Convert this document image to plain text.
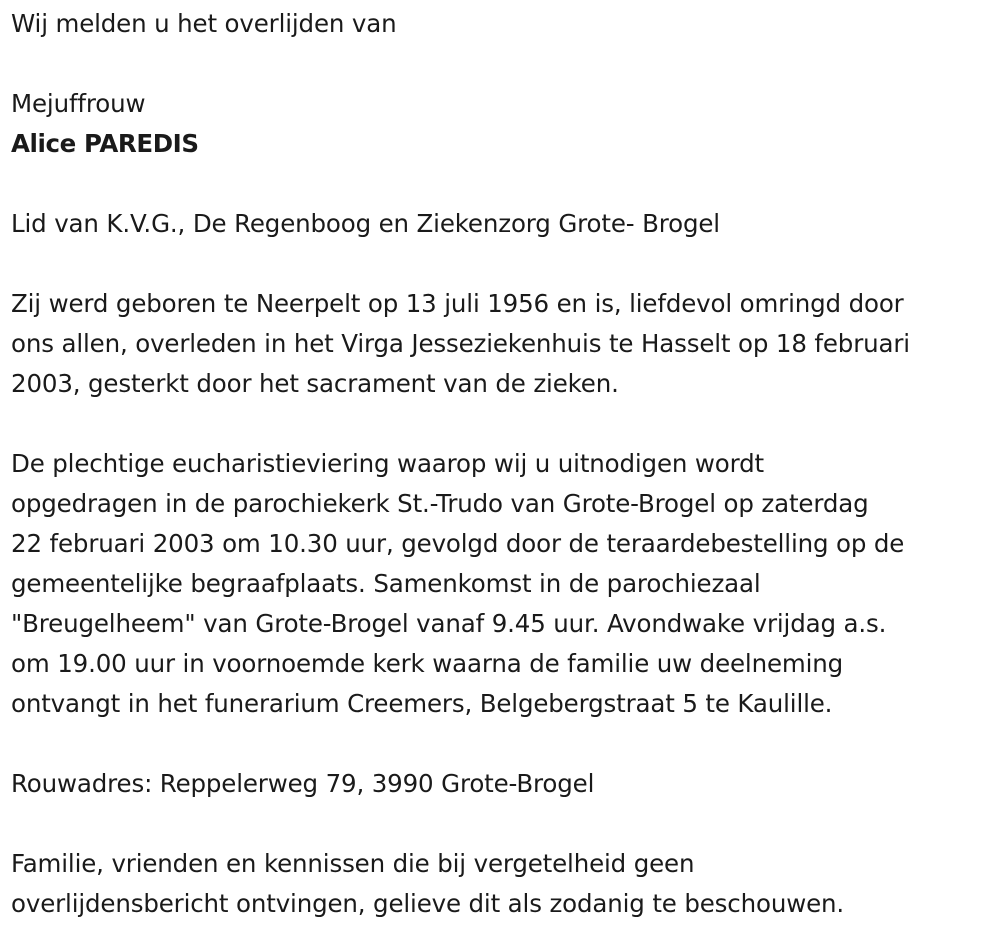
Wij melden u het overlijden van

Mejuffrouw

Alice PAREDIS

Lid van K.V.G., De Regenboog en Ziekenzorg Grote- Brogel

Zij werd geboren te Neerpelt op 13 juli 1956 en is, liefdevol omringd door

ons allen, overleden in het Virga Jesseziekenhuis te Hasselt op 18 februari

2003, gesterkt door het sacrament van de zieken.

De plechtige eucharistieviering waarop wij u uitnodigen wordt

opgedragen in de parochiekerk St.-Trudo van Grote-Brogel op zaterdag

22 februari 2003 om 10.30 uur, gevolgd door de teraardebestelling op de

gemeentelijke begraafplaats. Samenkomst in de parochiezaal

"Breugelheem" van Grote-Brogel vanaf 9.45 uur. Avondwake vrijdag a.s.

om 19.00 uur in voornoemde kerk waarna de familie uw deelneming

ontvangt in het funerarium Creemers, Belgebergstraat 5 te Kaulille.

Rouwadres: Reppelerweg 79, 3990 Grote-Brogel

Familie, vrienden en kennissen die bij vergetelheid geen

overlijdensbericht ontvingen, gelieve dit als zodanig te beschouwen.
